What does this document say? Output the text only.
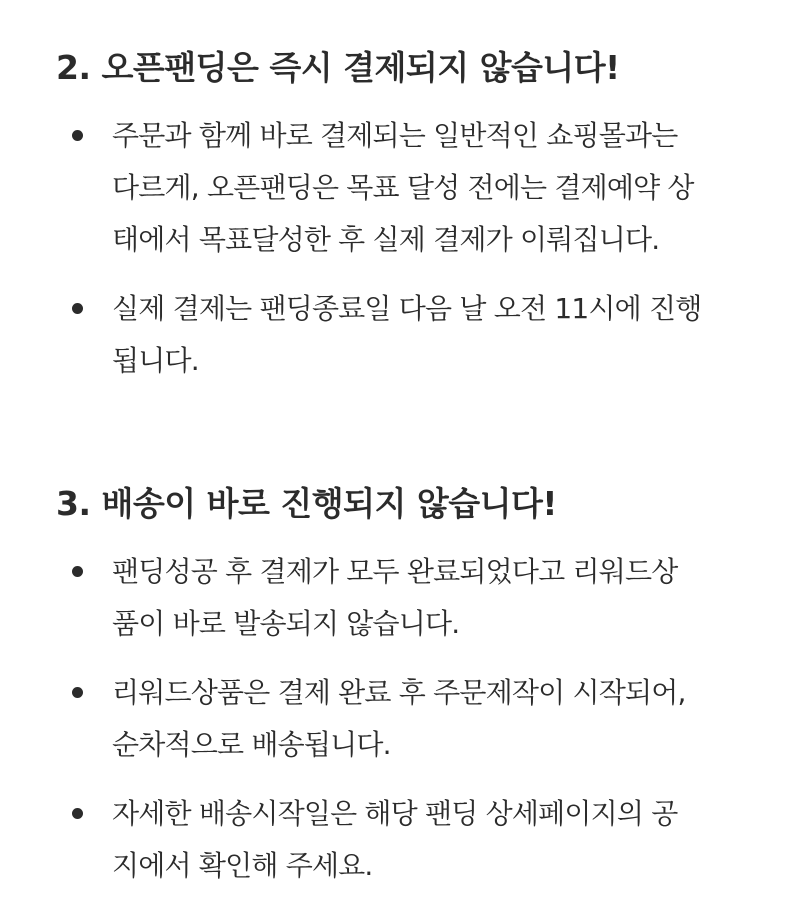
2. 오픈팬딩은 즉시 결제되지 않습니다!
주문과 함께 바로 결제되는 일반적인 쇼핑몰과는
다르게, 오픈팬딩은 목표 달성 전에는 결제예약 상
태에서 목표달성한 후 실제 결제가 이뤄집니다.
실제 결제는 팬딩종료일 다음 날 오전 11시에 진행
됩니다.
3. 배송이 바로 진행되지 않습니다!
팬딩성공 후 결제가 모두 완료되었다고 리워드상
품이 바로 발송되지 않습니다.
리워드상품은 결제 완료 후 주문제작이 시작되어,
순차적으로 배송됩니다.
자세한 배송시작일은 해당 팬딩 상세페이지의 공
지에서 확인해 주세요.
